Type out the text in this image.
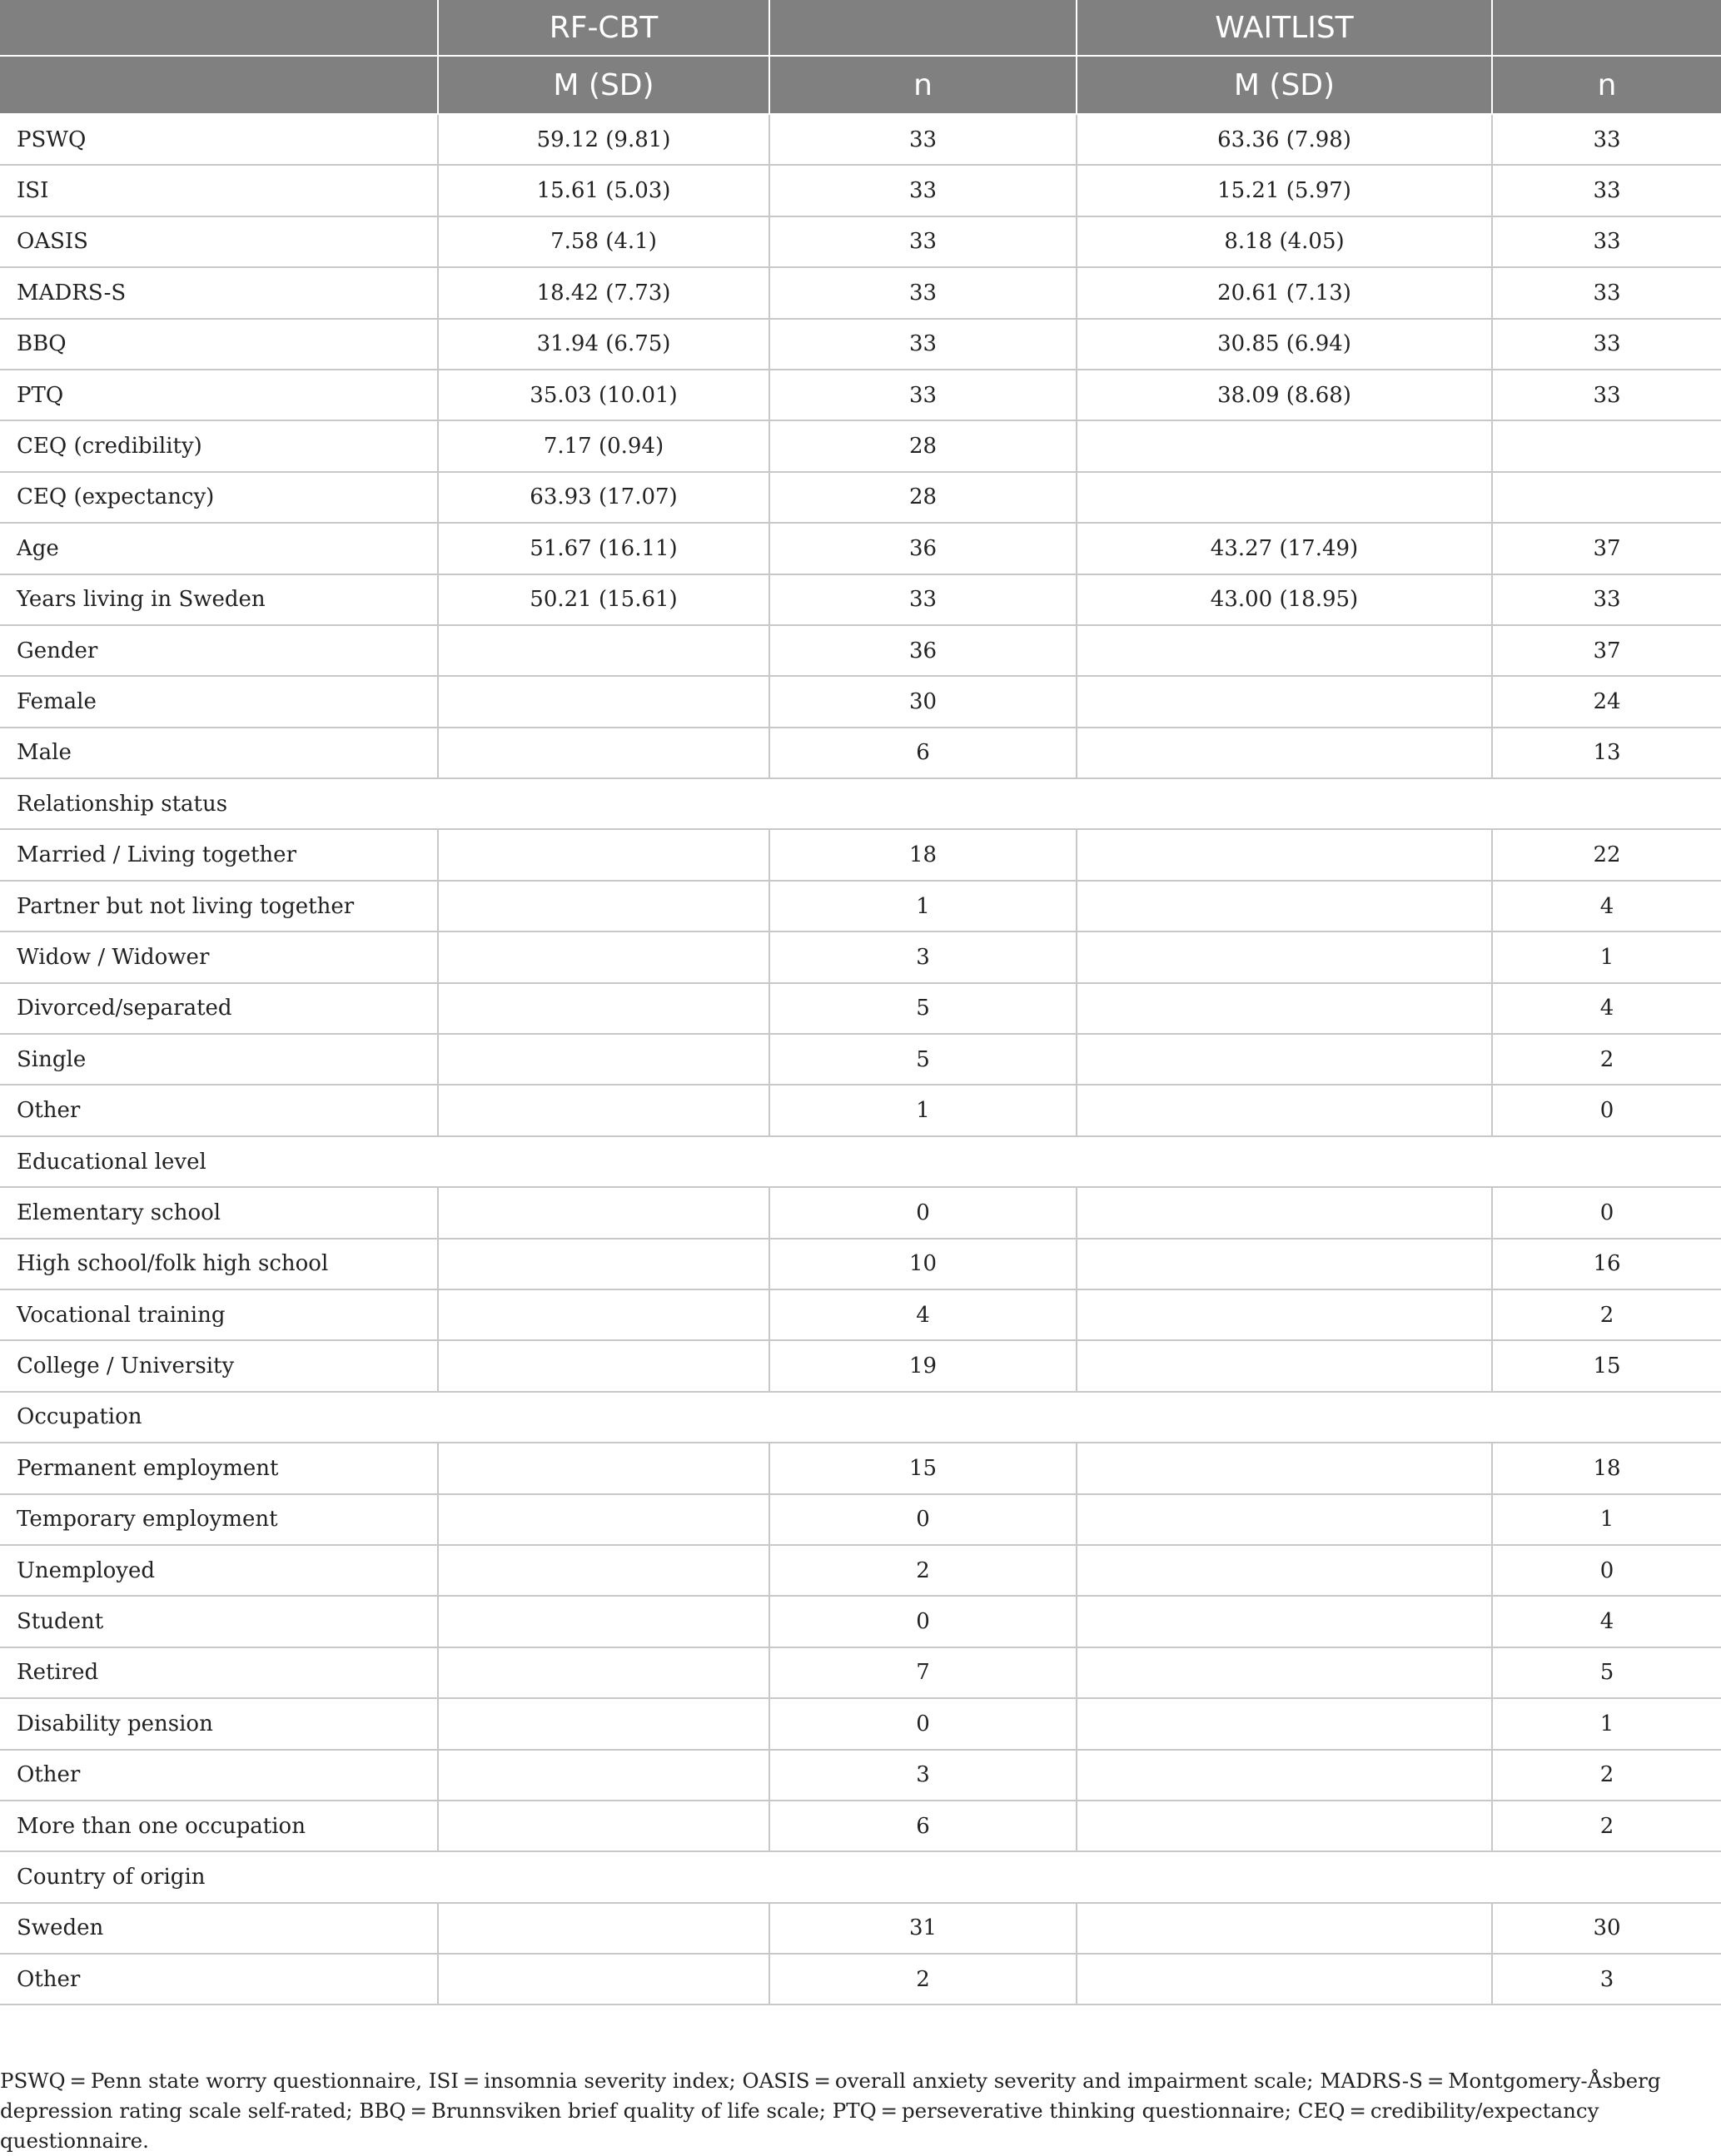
	RF-CBT		WAITLIST	
	M (SD)	n	M (SD)	n
PSWQ	59.12 (9.81)	33	63.36 (7.98)	33
ISI	15.61 (5.03)	33	15.21 (5.97)	33
OASIS	7.58 (4.1)	33	8.18 (4.05)	33
MADRS-S	18.42 (7.73)	33	20.61 (7.13)	33
BBQ	31.94 (6.75)	33	30.85 (6.94)	33
PTQ	35.03 (10.01)	33	38.09 (8.68)	33
CEQ (credibility)	7.17 (0.94)	28		
CEQ (expectancy)	63.93 (17.07)	28		
Age	51.67 (16.11)	36	43.27 (17.49)	37
Years living in Sweden	50.21 (15.61)	33	43.00 (18.95)	33
Gender		36		37
Female		30		24
Male		6		13
Relationship status				
Married / Living together		18		22
Partner but not living together		1		4
Widow / Widower		3		1
Divorced/separated		5		4
Single		5		2
Other		1		0
Educational level				
Elementary school		0		0
High school/folk high school		10		16
Vocational training		4		2
College / University		19		15
Occupation				
Permanent employment		15		18
Temporary employment		0		1
Unemployed		2		0
Student		0		4
Retired		7		5
Disability pension		0		1
Other		3		2
More than one occupation		6		2
Country of origin				
Sweden		31		30
Other		2		3
PSWQ = Penn state worry questionnaire, ISI = insomnia severity index; OASIS = overall anxiety severity and impairment scale; MADRS-S = Montgomery-Åsberg depression rating scale self-rated; BBQ = Brunnsviken brief quality of life scale; PTQ = perseverative thinking questionnaire; CEQ = credibility/expectancy questionnaire.
